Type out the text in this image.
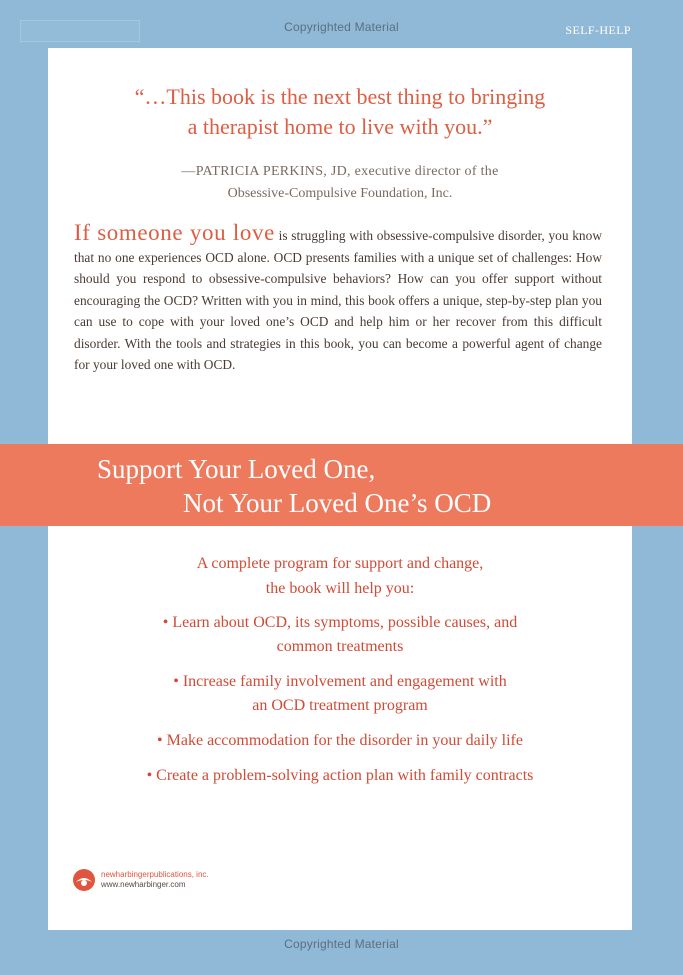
Copyrighted Material	SELF-HELP
“…This book is the next best thing to bringing
a therapist home to live with you.”
—PATRICIA PERKINS, JD, executive director of the
Obsessive-Compulsive Foundation, Inc.
If someone you love is struggling with obsessive-compulsive disorder, you know that no one experiences OCD alone. OCD presents families with a unique set of challenges: How should you respond to obsessive-compulsive behaviors? How can you offer support without encouraging the OCD? Written with you in mind, this book offers a unique, step-by-step plan you can use to cope with your loved one’s OCD and help him or her recover from this difficult disorder. With the tools and strategies in this book, you can become a powerful agent of change for your loved one with OCD.
Support Your Loved One,
Not Your Loved One’s OCD
A complete program for support and change,
the book will help you:
• Learn about OCD, its symptoms, possible causes, and
common treatments
• Increase family involvement and engagement with
an OCD treatment program
• Make accommodation for the disorder in your daily life
• Create a problem-solving action plan with family contracts
newharbingerpublications, inc.
www.newharbinger.com
Copyrighted Material
